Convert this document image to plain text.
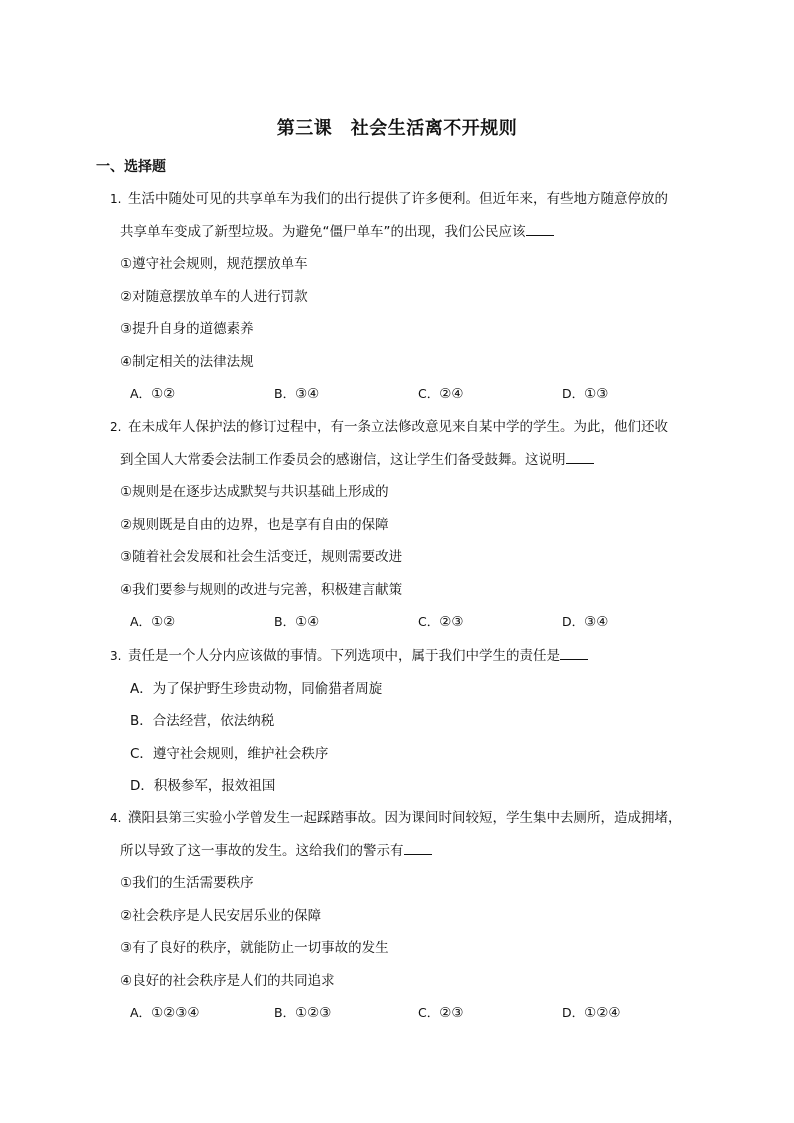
第三课　社会生活离不开规则
一、选择题
1. 生活中随处可见的共享单车为我们的出行提供了许多便利。但近年来，有些地方随意停放的
共享单车变成了新型垃圾。为避免“僵尸单车”的出现，我们公民应该
①遵守社会规则，规范摆放单车
②对随意摆放单车的人进行罚款
③提升自身的道德素养
④制定相关的法律法规
A．①②	B．③④	C．②④	D．①③
2. 在未成年人保护法的修订过程中，有一条立法修改意见来自某中学的学生。为此，他们还收
到全国人大常委会法制工作委员会的感谢信，这让学生们备受鼓舞。这说明
①规则是在逐步达成默契与共识基础上形成的
②规则既是自由的边界，也是享有自由的保障
③随着社会发展和社会生活变迁，规则需要改进
④我们要参与规则的改进与完善，积极建言献策
A．①②	B．①④	C．②③	D．③④
3. 责任是一个人分内应该做的事情。下列选项中，属于我们中学生的责任是
A．为了保护野生珍贵动物，同偷猎者周旋
B．合法经营，依法纳税
C．遵守社会规则，维护社会秩序
D．积极参军，报效祖国
4. 濮阳县第三实验小学曾发生一起踩踏事故。因为课间时间较短，学生集中去厕所，造成拥堵，
所以导致了这一事故的发生。这给我们的警示有
①我们的生活需要秩序
②社会秩序是人民安居乐业的保障
③有了良好的秩序，就能防止一切事故的发生
④良好的社会秩序是人们的共同追求
A．①②③④	B．①②③	C．②③	D．①②④
